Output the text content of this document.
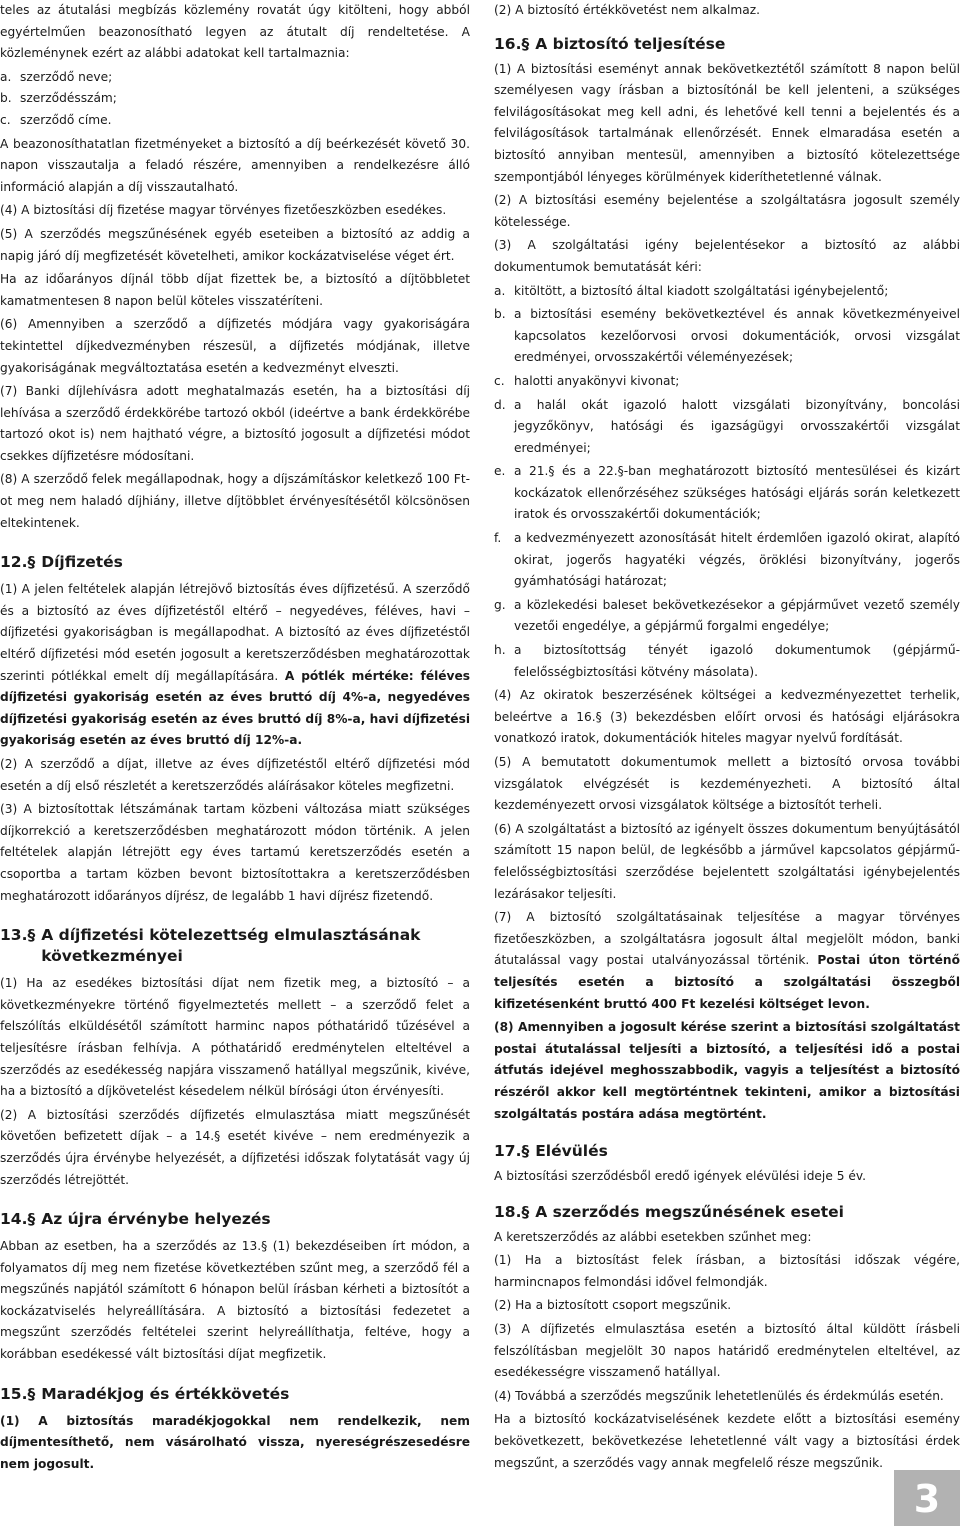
teles az átutalási megbízás közlemény rovatát úgy kitölteni, hogy abból egyértelműen beazonosítható legyen az átutalt díj rendeltetése. A közleménynek ezért az alábbi adatokat kell tartalmaznia:

a. szerződő neve;
b. szerződésszám;
c. szerződő címe.

A beazonosíthatatlan fizetményeket a biztosító a díj beérkezését követő 30. napon visszautalja a feladó részére, amennyiben a rendelkezésre álló információ alapján a díj visszautalható.

(4) A biztosítási díj fizetése magyar törvényes fizetőeszközben esedékes.

(5) A szerződés megszűnésének egyéb eseteiben a biztosító az addig a napig járó díj megfizetését követelheti, amikor kockázatviselése véget ért.

Ha az időarányos díjnál több díjat fizettek be, a biztosító a díjtöbbletet kamatmentesen 8 napon belül köteles visszatéríteni.

(6) Amennyiben a szerződő a díjfizetés módjára vagy gyakoriságára tekintettel díjkedvezményben részesül, a díjfizetés módjának, illetve gyakoriságának megváltoztatása esetén a kedvezményt elveszti.

(7) Banki díjlehívásra adott meghatalmazás esetén, ha a biztosítási díj lehívása a szerződő érdekkörébe tartozó okból (ideértve a bank érdekkörébe tartozó okot is) nem hajtható végre, a biztosító jogosult a díjfizetési módot csekkes díjfizetésre módosítani.

(8) A szerződő felek megállapodnak, hogy a díjszámításkor keletkező 100 Ft-ot meg nem haladó díjhiány, illetve díjtöbblet érvényesítésétől kölcsönösen eltekintenek.

12.§ Díjfizetés

(1) A jelen feltételek alapján létrejövő biztosítás éves díjfizetésű. A szerződő és a biztosító az éves díjfizetéstől eltérő – negyedéves, féléves, havi – díjfizetési gyakoriságban is megállapodhat. A biztosító az éves díjfizetéstől eltérő díjfizetési mód esetén jogosult a keretszerződésben meghatározottak szerinti pótlékkal emelt díj megállapítására. A pótlék mértéke: féléves díjfizetési gyakoriság esetén az éves bruttó díj 4%-a, negyedéves díjfizetési gyakoriság esetén az éves bruttó díj 8%-a, havi díjfizetési gyakoriság esetén az éves bruttó díj 12%-a.

(2) A szerződő a díjat, illetve az éves díjfizetéstől eltérő díjfizetési mód esetén a díj első részletét a keretszerződés aláírásakor köteles megfizetni.

(3) A biztosítottak létszámának tartam közbeni változása miatt szükséges díjkorrekció a keretszerződésben meghatározott módon történik. A jelen feltételek alapján létrejött egy éves tartamú keretszerződés esetén a csoportba a tartam közben bevont biztosítottakra a keretszerződésben meghatározott időarányos díjrész, de legalább 1 havi díjrész fizetendő.

13.§ A díjfizetési kötelezettség elmulasztásának következményei

(1) Ha az esedékes biztosítási díjat nem fizetik meg, a biztosító – a következményekre történő figyelmeztetés mellett – a szerződő felet a felszólítás elküldésétől számított harminc napos póthatáridő tűzésével a teljesítésre írásban felhívja. A póthatáridő eredménytelen elteltével a szerződés az esedékesség napjára visszamenő hatállyal megszűnik, kivéve, ha a biztosító a díjkövetelést késedelem nélkül bírósági úton érvényesíti.

(2) A biztosítási szerződés díjfizetés elmulasztása miatt megszűnését követően befizetett díjak – a 14.§ esetét kivéve – nem eredményezik a szerződés újra érvénybe helyezését, a díjfizetési időszak folytatását vagy új szerződés létrejöttét.

14.§ Az újra érvénybe helyezés

Abban az esetben, ha a szerződés az 13.§ (1) bekezdéseiben írt módon, a folyamatos díj meg nem fizetése következtében szűnt meg, a szerződő fél a megszűnés napjától számított 6 hónapon belül írásban kérheti a biztosítót a kockázatviselés helyreállítására. A biztosító a biztosítási fedezetet a megszűnt szerződés feltételei szerint helyreállíthatja, feltéve, hogy a korábban esedékessé vált biztosítási díjat megfizetik.

15.§ Maradékjog és értékkövetés

(1) A biztosítás maradékjogokkal nem rendelkezik, nem díjmentesíthető, nem vásárolható vissza, nyereségrészesedésre nem jogosult.

(2) A biztosító értékkövetést nem alkalmaz.

16.§ A biztosító teljesítése

(1) A biztosítási eseményt annak bekövetkeztétől számított 8 napon belül személyesen vagy írásban a biztosítónál be kell jelenteni, a szükséges felvilágosításokat meg kell adni, és lehetővé kell tenni a bejelentés és a felvilágosítások tartalmának ellenőrzését. Ennek elmaradása esetén a biztosító annyiban mentesül, amennyiben a biztosító kötelezettsége szempontjából lényeges körülmények kideríthetetlenné válnak.

(2) A biztosítási esemény bejelentése a szolgáltatásra jogosult személy kötelessége.

(3) A szolgáltatási igény bejelentésekor a biztosító az alábbi dokumentumok bemutatását kéri:

a. kitöltött, a biztosító által kiadott szolgáltatási igénybejelentő;
b. a biztosítási esemény bekövetkeztével és annak következményeivel kapcsolatos kezelőorvosi orvosi dokumentációk, orvosi vizsgálat eredményei, orvosszakértői véleményezések;
c. halotti anyakönyvi kivonat;
d. a halál okát igazoló halott vizsgálati bizonyítvány, boncolási jegyzőkönyv, hatósági és igazságügyi orvosszakértői vizsgálat eredményei;
e. a 21.§ és a 22.§-ban meghatározott biztosító mentesülései és kizárt kockázatok ellenőrzéséhez szükséges hatósági eljárás során keletkezett iratok és orvosszakértői dokumentációk;
f.	a kedvezményezett azonosítását hitelt érdemlően igazoló okirat, alapító okirat, jogerős hagyatéki végzés, öröklési bizonyítvány, jogerős gyámhatósági határozat;
g. a közlekedési baleset bekövetkezésekor a gépjárművet vezető személy vezetői engedélye, a gépjármű forgalmi engedélye;
h. a biztosítottság tényét igazoló dokumentumok (gépjármű-felelősségbiztosítási kötvény másolata).

(4) Az okiratok beszerzésének költségei a kedvezményezettet terhelik, beleértve a 16.§ (3) bekezdésben előírt orvosi és hatósági eljárásokra vonatkozó iratok, dokumentációk hiteles magyar nyelvű fordítását.

(5) A bemutatott dokumentumok mellett a biztosító orvosa további vizsgálatok elvégzését is kezdeményezheti. A biztosító által kezdeményezett orvosi vizsgálatok költsége a biztosítót terheli.

(6) A szolgáltatást a biztosító az igényelt összes dokumentum benyújtásától számított 15 napon belül, de legkésőbb a járművel kapcsolatos gépjármű-felelősségbiztosítási szerződése bejelentett szolgáltatási igénybejelentés lezárásakor teljesíti.

(7) A biztosító szolgáltatásainak teljesítése a magyar törvényes fizetőeszközben, a szolgáltatásra jogosult által megjelölt módon, banki átutalással vagy postai utalványozással történik. Postai úton történő teljesítés esetén a biztosító a szolgáltatási összegből kifizetésenként bruttó 400 Ft kezelési költséget levon.

(8) Amennyiben a jogosult kérése szerint a biztosítási szolgáltatást postai átutalással teljesíti a biztosító, a teljesítési idő a postai átfutás idejével meghosszabbodik, vagyis a teljesítést a biztosító részéről akkor kell megtörténtnek tekinteni, amikor a biztosítási szolgáltatás postára adása megtörtént.

17.§ Elévülés

A biztosítási szerződésből eredő igények elévülési ideje 5 év.

18.§ A szerződés megszűnésének esetei

A keretszerződés az alábbi esetekben szűnhet meg:

(1) Ha a biztosítást felek írásban, a biztosítási időszak végére, harmincnapos felmondási idővel felmondják.

(2) Ha a biztosított csoport megszűnik.

(3) A díjfizetés elmulasztása esetén a biztosító által küldött írásbeli felszólításban megjelölt 30 napos határidő eredménytelen elteltével, az esedékességre visszamenő hatállyal.

(4) Továbbá a szerződés megszűnik lehetetlenülés és érdekmúlás esetén.

Ha a biztosító kockázatviselésének kezdete előtt a biztosítási esemény bekövetkezett, bekövetkezése lehetetlenné vált vagy a biztosítási érdek megszűnt, a szerződés vagy annak megfelelő része megszűnik.

3
